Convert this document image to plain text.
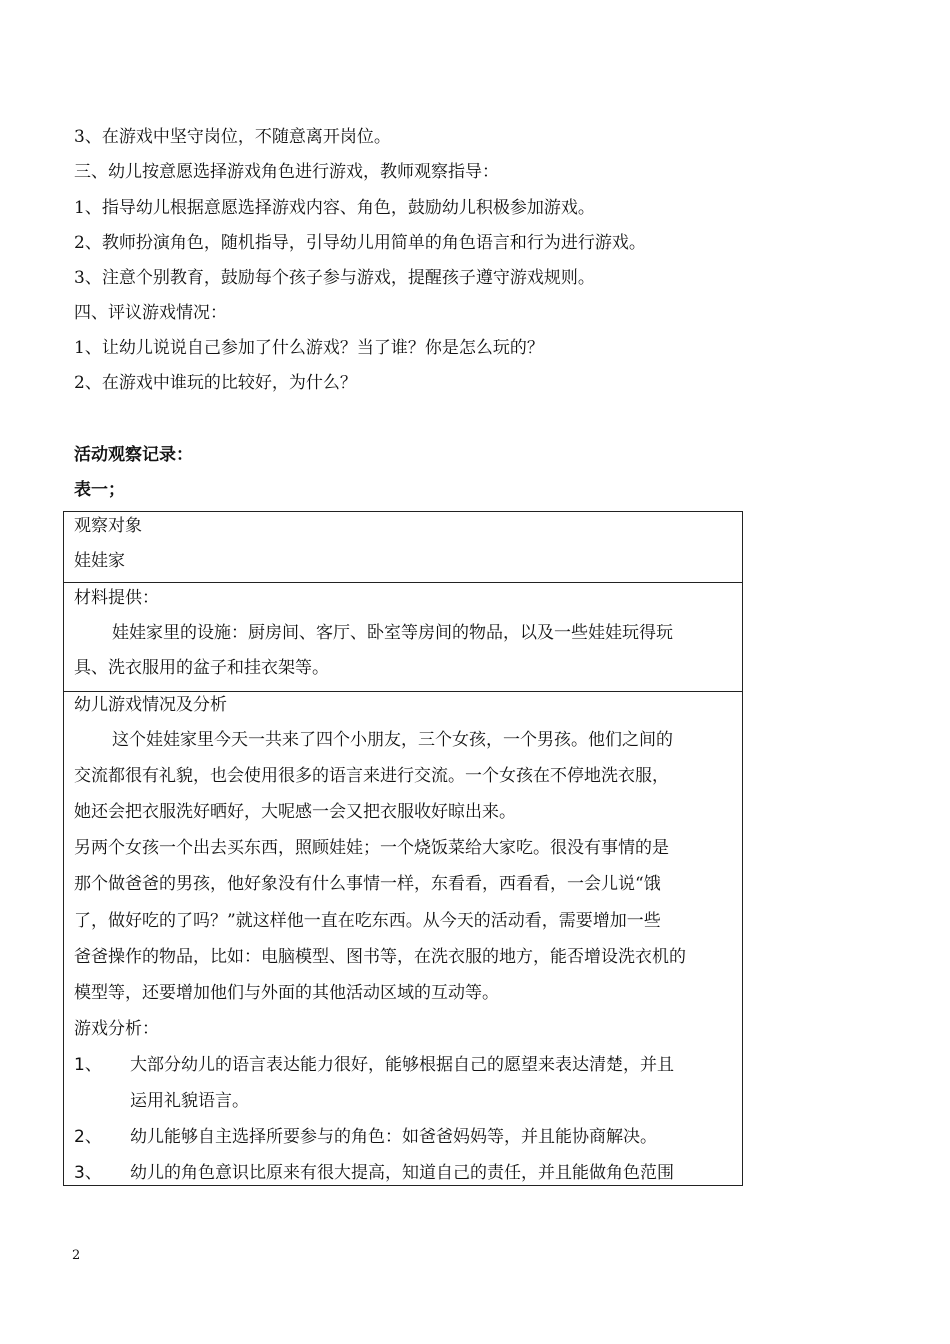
3、在游戏中坚守岗位，不随意离开岗位。
三、幼儿按意愿选择游戏角色进行游戏，教师观察指导：
1、指导幼儿根据意愿选择游戏内容、角色，鼓励幼儿积极参加游戏。
2、教师扮演角色，随机指导，引导幼儿用简单的角色语言和行为进行游戏。
3、注意个别教育，鼓励每个孩子参与游戏，提醒孩子遵守游戏规则。
四、评议游戏情况：
1、让幼儿说说自己参加了什么游戏？当了谁？你是怎么玩的？
2、在游戏中谁玩的比较好，为什么？
活动观察记录：
表一；
观察对象
娃娃家
材料提供：
娃娃家里的设施：厨房间、客厅、卧室等房间的物品，以及一些娃娃玩得玩
具、洗衣服用的盆子和挂衣架等。
幼儿游戏情况及分析
这个娃娃家里今天一共来了四个小朋友，三个女孩，一个男孩。他们之间的
交流都很有礼貌，也会使用很多的语言来进行交流。一个女孩在不停地洗衣服，
她还会把衣服洗好晒好，大呢感一会又把衣服收好晾出来。
另两个女孩一个出去买东西，照顾娃娃；一个烧饭菜给大家吃。很没有事情的是
那个做爸爸的男孩，他好象没有什么事情一样，东看看，西看看，一会儿说“饿
了，做好吃的了吗？”就这样他一直在吃东西。从今天的活动看，需要增加一些
爸爸操作的物品，比如：电脑模型、图书等，在洗衣服的地方，能否增设洗衣机的
模型等，还要增加他们与外面的其他活动区域的互动等。
游戏分析：
1、 大部分幼儿的语言表达能力很好，能够根据自己的愿望来表达清楚，并且
运用礼貌语言。
2、 幼儿能够自主选择所要参与的角色：如爸爸妈妈等，并且能协商解决。
3、 幼儿的角色意识比原来有很大提高，知道自己的责任，并且能做角色范围
2
